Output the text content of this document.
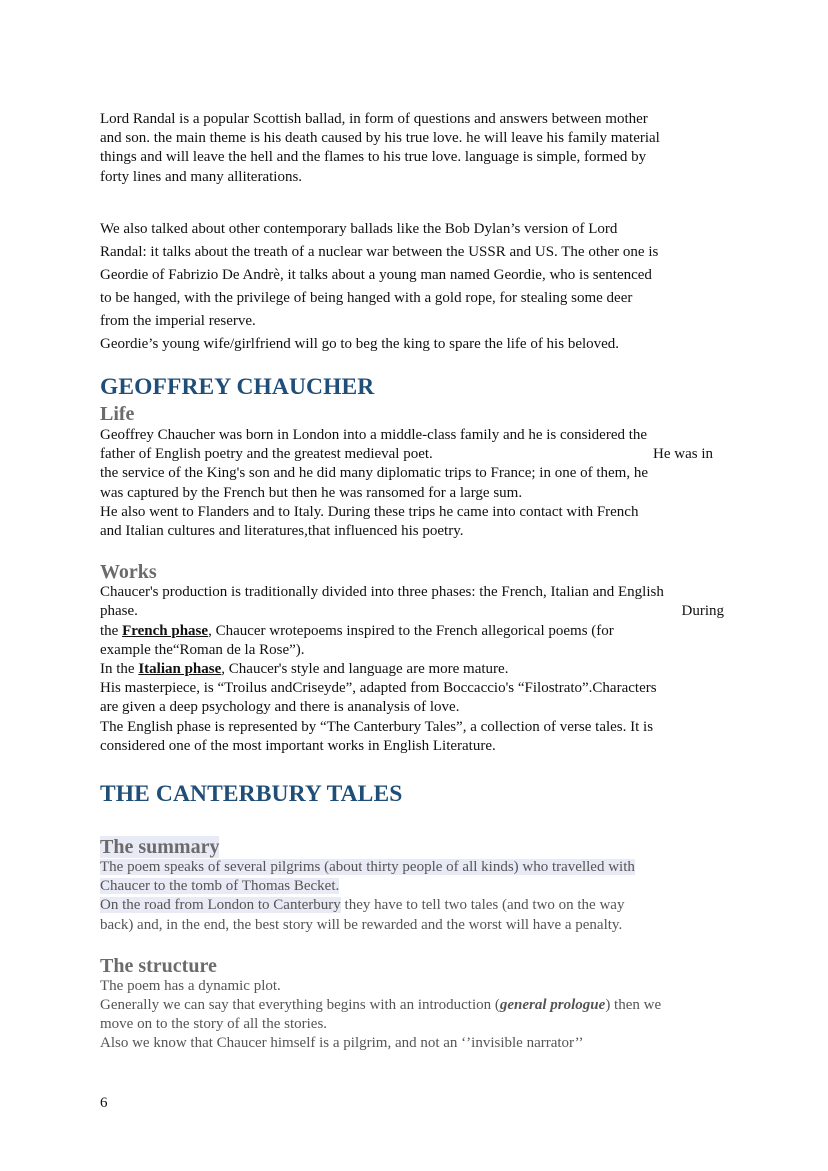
Lord Randal is a popular Scottish ballad, in form of questions and answers between mother

and son. the main theme is his death caused by his true love. he will leave his family material

things and will leave the hell and the flames to his true love. language is simple, formed by

forty lines and many alliterations.

We also talked about other contemporary ballads like the Bob Dylan’s version of Lord

Randal: it talks about the treath of a nuclear war between the USSR and US. The other one is

Geordie of Fabrizio De Andrè, it talks about a young man named Geordie, who is sentenced

to be hanged, with the privilege of being hanged with a gold rope, for stealing some deer

from the imperial reserve.

Geordie’s young wife/girlfriend will go to beg the king to spare the life of his beloved.

GEOFFREY CHAUCHER
Life

Geoffrey Chaucher was born in London into a middle-class family and he is considered the

father of English poetry and the greatest medieval poet.	He was in

the service of the King's son and he did many diplomatic trips to France; in one of them, he

was captured by the French but then he was ransomed for a large sum.

He also went to Flanders and to Italy. During these trips he came into contact with French

and Italian cultures and literatures,that influenced his poetry.

Works

Chaucer's production is traditionally divided into three phases: the French, Italian and English

phase.	During

the French phase, Chaucer wrotepoems inspired to the French allegorical poems (for

example the“Roman de la Rose”).

In the Italian phase, Chaucer's style and language are more mature.

His masterpiece, is “Troilus andCriseyde”, adapted from Boccaccio's “Filostrato”.Characters

are given a deep psychology and there is ananalysis of love.

The English phase is represented by “The Canterbury Tales”, a collection of verse tales. It is

considered one of the most important works in English Literature.

THE CANTERBURY TALES
The summary

The poem speaks of several pilgrims (about thirty people of all kinds) who travelled with

Chaucer to the tomb of Thomas Becket.

On the road from London to Canterbury they have to tell two tales (and two on the way

back) and, in the end, the best story will be rewarded and the worst will have a penalty.

The structure

The poem has a dynamic plot.

Generally we can say that everything begins with an introduction (general prologue) then we

move on to the story of all the stories.

Also we know that Chaucer himself is a pilgrim, and not an ‘’invisible narrator’’

6
